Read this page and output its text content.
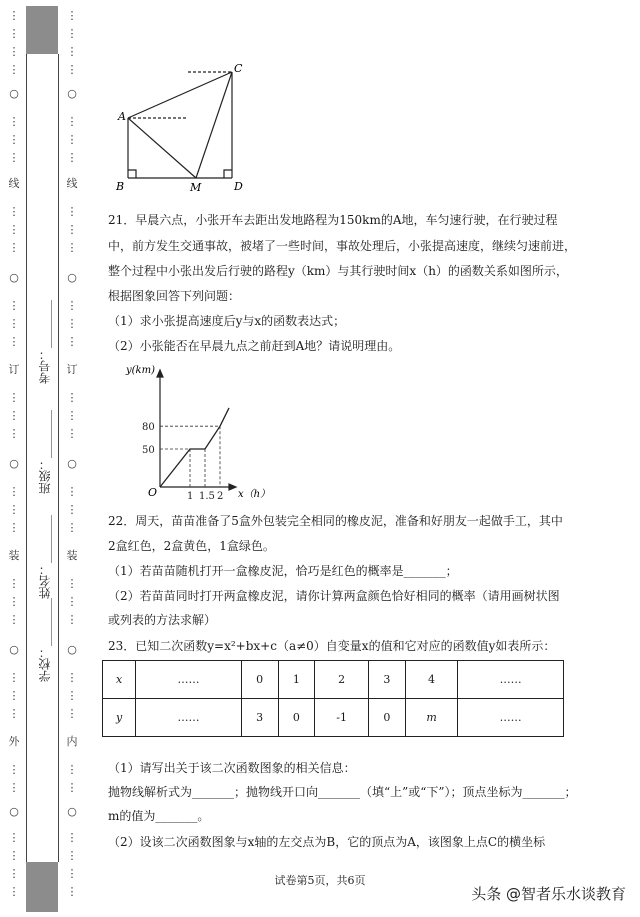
⋮
⋮
⋮
⋮
○
⋮
⋮
⋮
线
⋮
⋮
⋮
○
⋮
⋮
⋮
订
⋮
⋮
⋮
○
⋮
⋮
⋮
装
⋮
⋮
⋮
○
⋮
⋮
⋮
外
⋮
⋮
○
⋮
⋮
⋮
⋮
考号：________
班级：________
姓名：________
学校：________
⋮
⋮
⋮
⋮
○
⋮
⋮
⋮
线
⋮
⋮
⋮
○
⋮
⋮
⋮
订
⋮
⋮
⋮
○
⋮
⋮
⋮
装
⋮
⋮
⋮
○
⋮
⋮
⋮
内
⋮
⋮
○
⋮
⋮
⋮
⋮
A
B
C
D
M
21．早晨六点，小张开车去距出发地路程为150km的A地，车匀速行驶，在行驶过程
中，前方发生交通事故，被堵了一些时间，事故处理后，小张提高速度，继续匀速前进，
整个过程中小张出发后行驶的路程y（km）与其行驶时间x（h）的函数关系如图所示，
根据图象回答下列问题：
（1）求小张提高速度后y与x的函数表达式；
（2）小张能否在早晨九点之前赶到A地？请说明理由。
y(km)
x（h）
O
50
80
1 1.5 2
22．周天，苗苗准备了5盒外包装完全相同的橡皮泥，准备和好朋友一起做手工，其中
2盒红色，2盒黄色，1盒绿色。
（1）若苗苗随机打开一盒橡皮泥，恰巧是红色的概率是_______；
（2）若苗苗同时打开两盒橡皮泥，请你计算两盒颜色恰好相同的概率（请用画树状图
或列表的方法求解）
23．已知二次函数y=x²+bx+c（a≠0）自变量x的值和它对应的函数值y如表所示：
x	……	0	1	2	3	4	……
y	……	3	0	-1	0	m	……
（1）请写出关于该二次函数图象的相关信息：
抛物线解析式为_______；抛物线开口向_______（填“上”或“下”）；顶点坐标为_______；
m的值为_______。
（2）设该二次函数图象与x轴的左交点为B，它的顶点为A，该图象上点C的横坐标
试卷第5页，共6页
头条 @智者乐水谈教育
